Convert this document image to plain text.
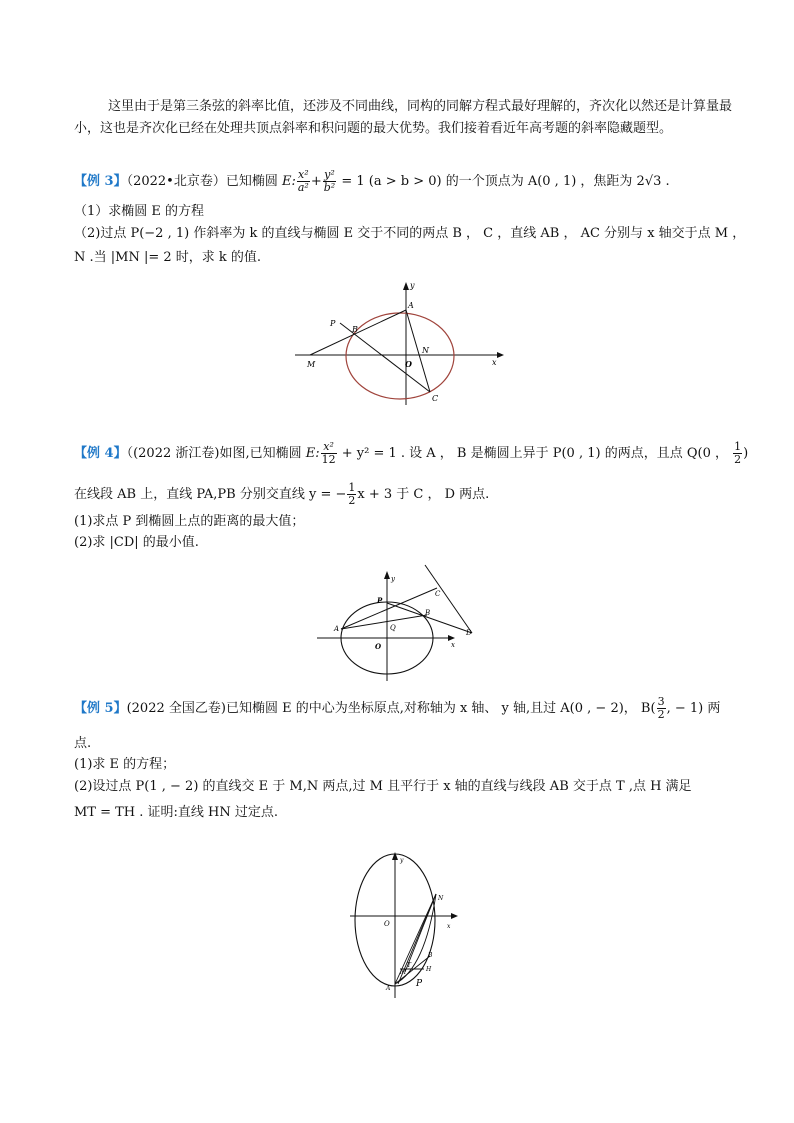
这里由于是第三条弦的斜率比值，还涉及不同曲线，同构的同解方程式最好理解的，齐次化以然还是计算量最小，这也是齐次化已经在处理共顶点斜率和积问题的最大优势。我们接着看近年高考题的斜率隐藏题型。
【例 3】（2022•北京卷）已知椭圆 E: $\frac{\text{x²}}{\text{a²}} + \frac{\text{y²}}{\text{b²}} = 1$ (a > b > 0) 的一个顶点为 A(0 , 1) ，焦距为 2√3 .
（1）求椭圆 E 的方程
（2)过点 P(−2 , 1) 作斜率为 k 的直线与椭圆 E 交于不同的两点 B ， C ，直线 AB ， AC 分别与 x 轴交于点 M ，
N .当 |MN |= 2 时，求 k 的值.
P
B
A
y
x
N
M	O
C
【例 4】（(2022 浙江卷)如图,已知椭圆 E: $\frac{\text{x²}}{12} + y^2 = 1$ . 设 A ， B 是椭圆上异于 P(0 , 1) 的两点，且点 Q(0 ， $\frac{1}{2}$ )
在线段 AB 上，直线 PA,PB 分别交直线 y = − $\frac{1}{2}$ x + 3 于 C ， D 两点.
(1)求点 P 到椭圆上点的距离的最大值；
(2)求 |CD| 的最小值.
y
P
C
B
A	Q
O	x
D
【例 5】(2022 全国乙卷)已知椭圆 E 的中心为坐标原点,对称轴为 x 轴、 y 轴,且过 A(0 , − 2)， $B( \frac{3}{2}$ , − 1) 两
点.
(1)求 E 的方程；
(2)设过点 P(1 , − 2) 的直线交 E 于 M,N 两点,过 M 且平行于 x 轴的直线与线段 AB 交于点 T ,点 H 满足
MT = TH . 证明:直线 HN 过定点.
y
O	x
N
B
T
M	H
A	P
